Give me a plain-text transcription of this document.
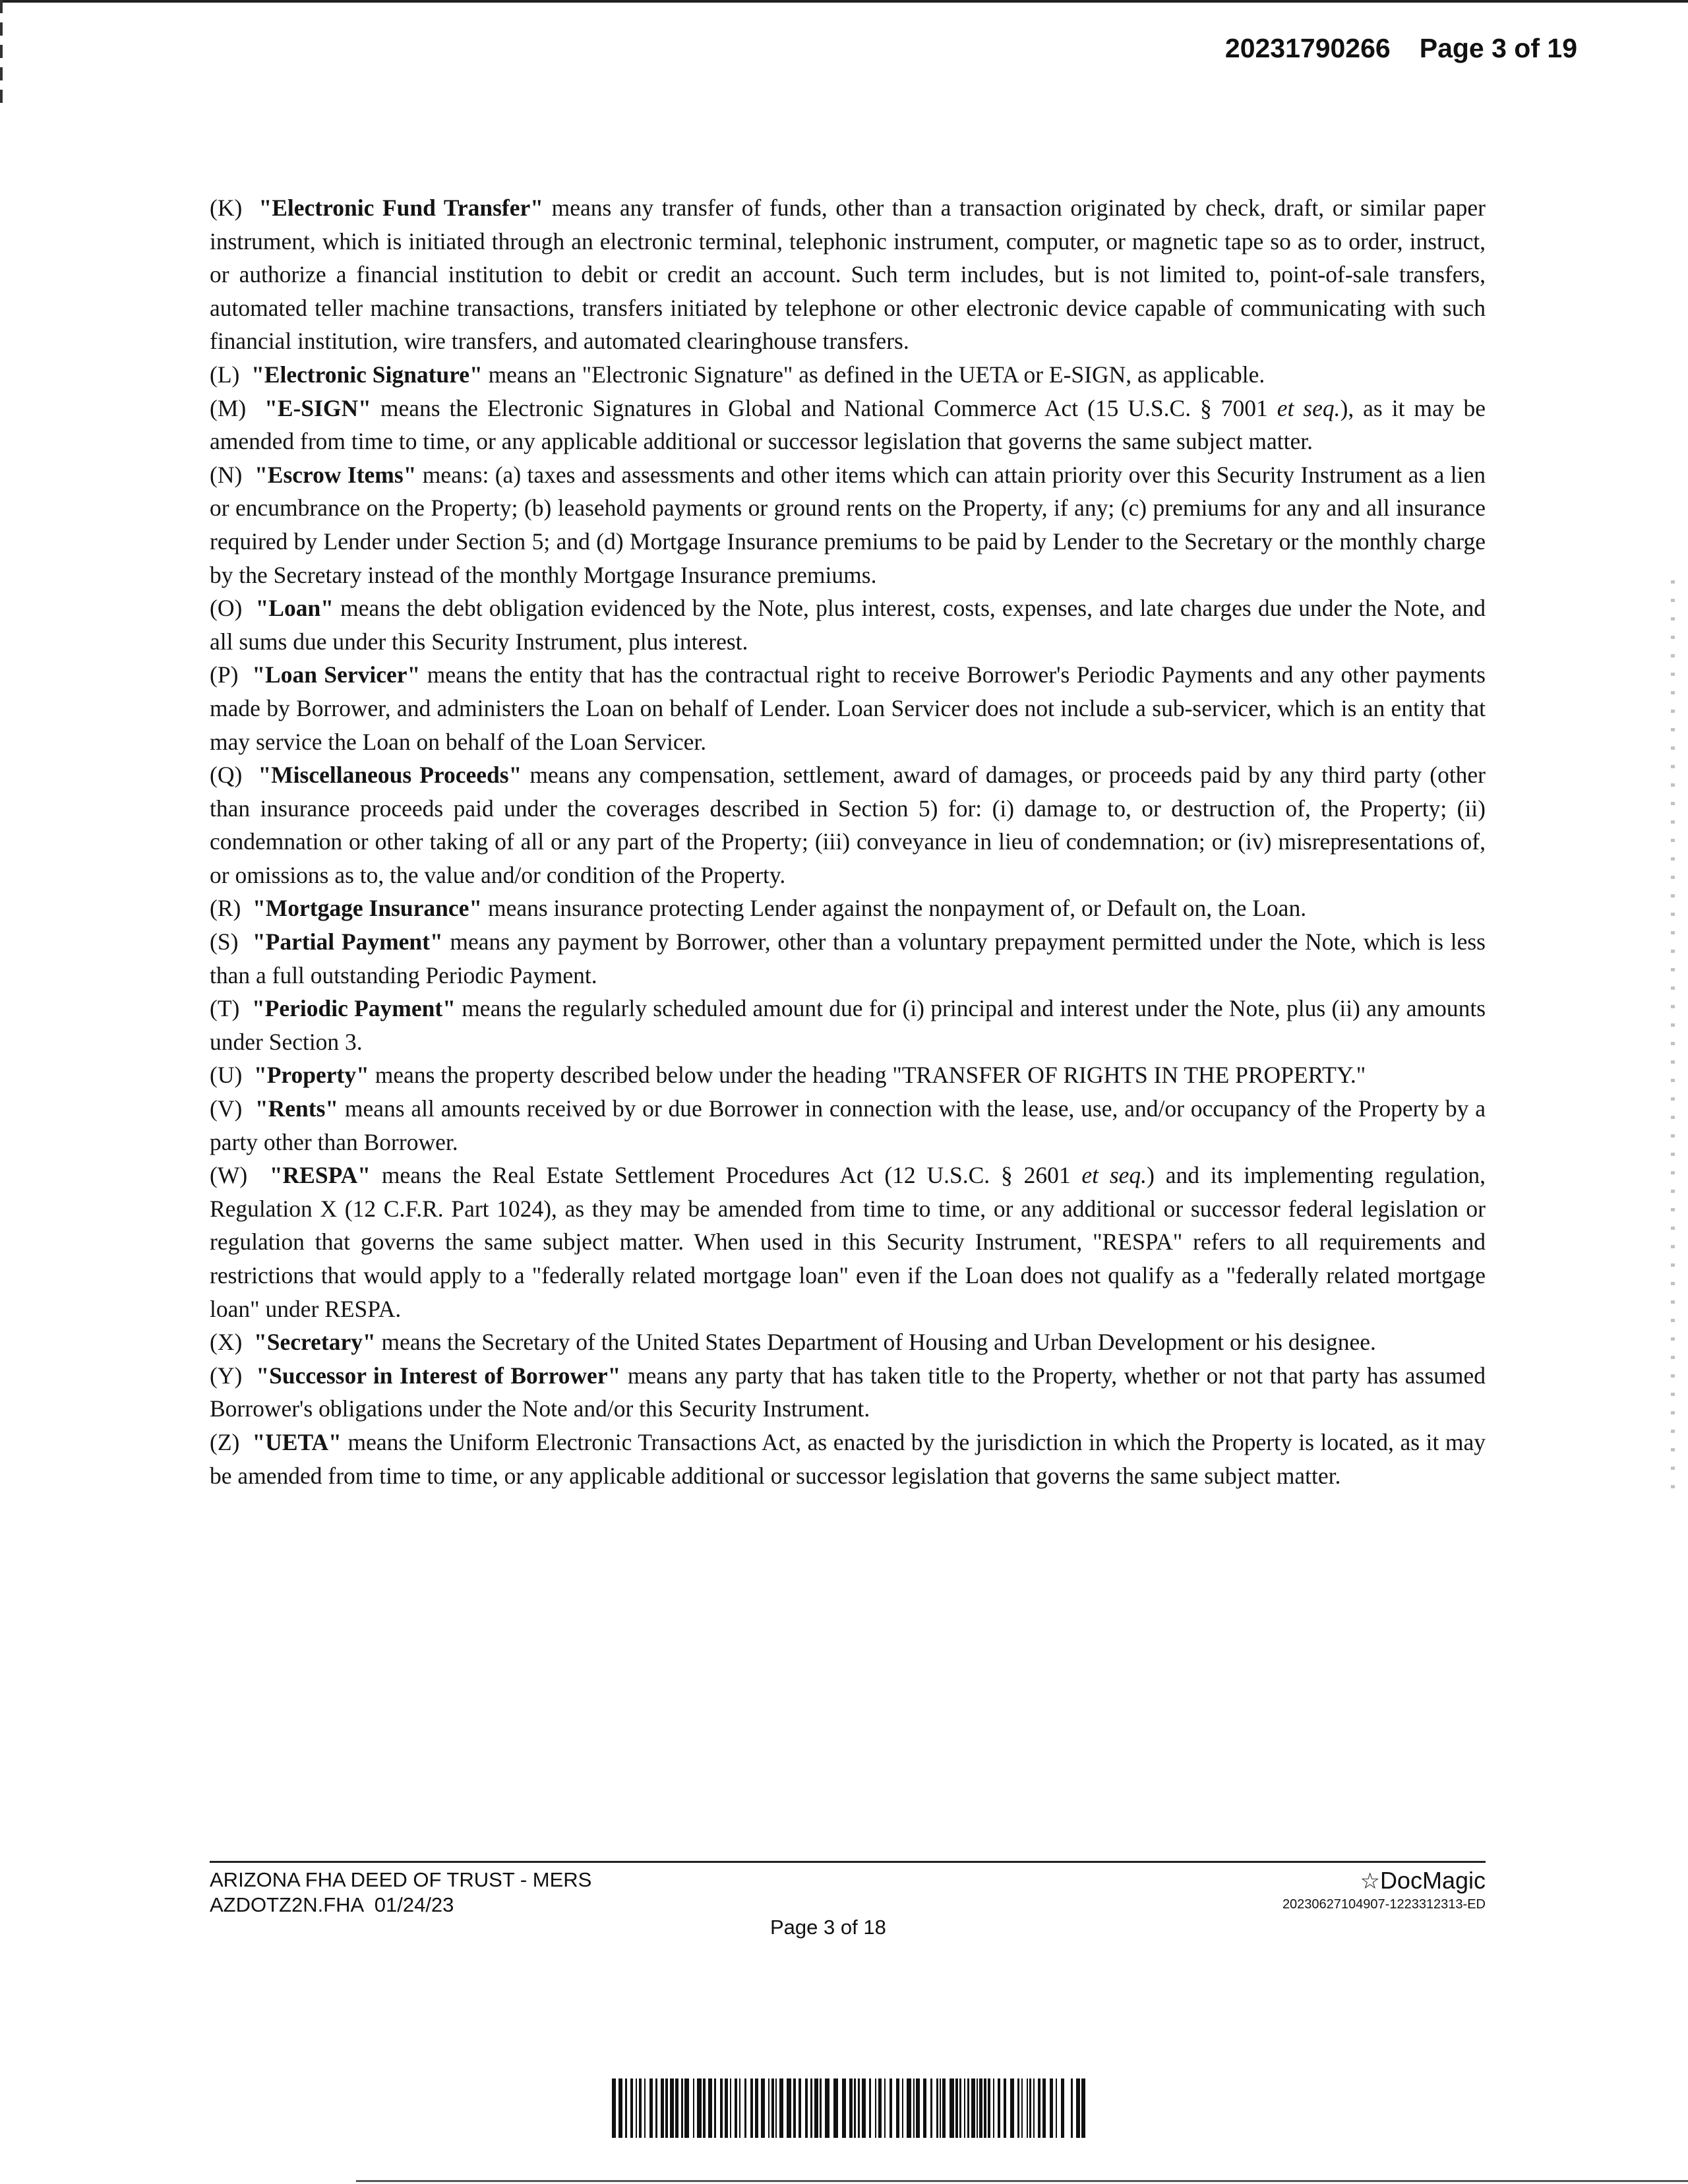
20231790266 Page 3 of 19

(K) "Electronic Fund Transfer" means any transfer of funds, other than a transaction originated by check, draft, or similar paper instrument, which is initiated through an electronic terminal, telephonic instrument, computer, or magnetic tape so as to order, instruct, or authorize a financial institution to debit or credit an account. Such term includes, but is not limited to, point-of-sale transfers, automated teller machine transactions, transfers initiated by telephone or other electronic device capable of communicating with such financial institution, wire transfers, and automated clearinghouse transfers.

(L) "Electronic Signature" means an "Electronic Signature" as defined in the UETA or E-SIGN, as applicable.

(M) "E-SIGN" means the Electronic Signatures in Global and National Commerce Act (15 U.S.C. § 7001 et seq.), as it may be amended from time to time, or any applicable additional or successor legislation that governs the same subject matter.

(N) "Escrow Items" means: (a) taxes and assessments and other items which can attain priority over this Security Instrument as a lien or encumbrance on the Property; (b) leasehold payments or ground rents on the Property, if any; (c) premiums for any and all insurance required by Lender under Section 5; and (d) Mortgage Insurance premiums to be paid by Lender to the Secretary or the monthly charge by the Secretary instead of the monthly Mortgage Insurance premiums.

(O) "Loan" means the debt obligation evidenced by the Note, plus interest, costs, expenses, and late charges due under the Note, and all sums due under this Security Instrument, plus interest.

(P) "Loan Servicer" means the entity that has the contractual right to receive Borrower's Periodic Payments and any other payments made by Borrower, and administers the Loan on behalf of Lender. Loan Servicer does not include a sub-servicer, which is an entity that may service the Loan on behalf of the Loan Servicer.

(Q) "Miscellaneous Proceeds" means any compensation, settlement, award of damages, or proceeds paid by any third party (other than insurance proceeds paid under the coverages described in Section 5) for: (i) damage to, or destruction of, the Property; (ii) condemnation or other taking of all or any part of the Property; (iii) conveyance in lieu of condemnation; or (iv) misrepresentations of, or omissions as to, the value and/or condition of the Property.

(R) "Mortgage Insurance" means insurance protecting Lender against the nonpayment of, or Default on, the Loan.

(S) "Partial Payment" means any payment by Borrower, other than a voluntary prepayment permitted under the Note, which is less than a full outstanding Periodic Payment.

(T) "Periodic Payment" means the regularly scheduled amount due for (i) principal and interest under the Note, plus (ii) any amounts under Section 3.

(U) "Property" means the property described below under the heading "TRANSFER OF RIGHTS IN THE PROPERTY."

(V) "Rents" means all amounts received by or due Borrower in connection with the lease, use, and/or occupancy of the Property by a party other than Borrower.

(W) "RESPA" means the Real Estate Settlement Procedures Act (12 U.S.C. § 2601 et seq.) and its implementing regulation, Regulation X (12 C.F.R. Part 1024), as they may be amended from time to time, or any additional or successor federal legislation or regulation that governs the same subject matter. When used in this Security Instrument, "RESPA" refers to all requirements and restrictions that would apply to a "federally related mortgage loan" even if the Loan does not qualify as a "federally related mortgage loan" under RESPA.

(X) "Secretary" means the Secretary of the United States Department of Housing and Urban Development or his designee.

(Y) "Successor in Interest of Borrower" means any party that has taken title to the Property, whether or not that party has assumed Borrower's obligations under the Note and/or this Security Instrument.

(Z) "UETA" means the Uniform Electronic Transactions Act, as enacted by the jurisdiction in which the Property is located, as it may be amended from time to time, or any applicable additional or successor legislation that governs the same subject matter.

ARIZONA FHA DEED OF TRUST - MERS
AZDOTZ2N.FHA  01/24/23
Page 3 of 18
☆DocMagic
20230627104907-1223312313-ED
